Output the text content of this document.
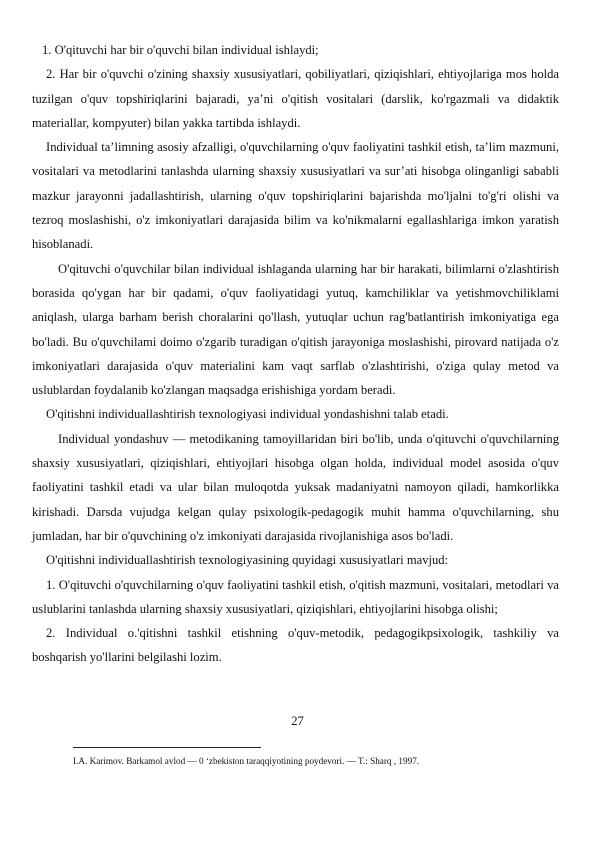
1. O'qituvchi har bir o'quvchi bilan individual ishlaydi;

2. Har bir o'quvchi o'zining shaxsiy xususiyatlari, qobiliyatlari, qiziqishlari, ehtiyojlariga mos holda tuzilgan o'quv topshiriqlarini bajaradi, ya’ni o'qitish vositalari (darslik, ko'rgazmali va didaktik materiallar, kompyuter) bilan yakka tartibda ishlaydi.

Individual ta’limning asosiy afzalligi, o'quvchilarning o'quv faoliyatini tashkil etish, ta’lim mazmuni, vositalari va metodlarini tanlashda ularning shaxsiy xususiyatlari va sur’ati hisobga olinganligi sababli mazkur jarayonni jadallashtirish, ularning o'quv topshiriqlarini bajarishda mo'ljalni to'g'ri olishi va tezroq moslashishi, o'z imkoniyatlari darajasida bilim va ko'nikmalarni egallashlariga imkon yaratish hisoblanadi.

O'qituvchi o'quvchilar bilan individual ishlaganda ularning har bir harakati, bilimlarni o'zlashtirish borasida qo'ygan har bir qadami, o'quv faoliyatidagi yutuq, kamchiliklar va yetishmovchiliklami aniqlash, ularga barham berish choralarini qo'llash, yutuqlar uchun rag'batlantirish imkoniyatiga ega bo'ladi. Bu o'quvchilami doimo o'zgarib turadigan o'qitish jarayoniga moslashishi, pirovard natijada o'z imkoniyatlari darajasida o'quv materialini kam vaqt sarflab o'zlashtirishi, o'ziga qulay metod va uslublardan foydalanib ko'zlangan maqsadga erishishiga yordam beradi.

O'qitishni individuallashtirish texnologiyasi individual yondashishni talab etadi.

Individual yondashuv — metodikaning tamoyillaridan biri bo'lib, unda o'qituvchi o'quvchilarning shaxsiy xususiyatlari, qiziqishlari, ehtiyojlari hisobga olgan holda, individual model asosida o'quv faoliyatini tashkil etadi va ular bilan muloqotda yuksak madaniyatni namoyon qiladi, hamkorlikka kirishadi. Darsda vujudga kelgan qulay psixologik-pedagogik muhit hamma o'quvchilarning, shu jumladan, har bir o'quvchining o'z imkoniyati darajasida rivojlanishiga asos bo'ladi.

O'qitishni individuallashtirish texnologiyasining quyidagi xususiyatlari mavjud:

1. O'qituvchi o'quvchilarning o'quv faoliyatini tashkil etish, o'qitish mazmuni, vositalari, metodlari va uslublarini tanlashda ularning shaxsiy xususiyatlari, qiziqishlari, ehtiyojlarini hisobga olishi;

2. Individual o.'qitishni tashkil etishning o'quv-metodik, pedagogikpsixologik, tashkiliy va boshqarish yo'llarini belgilashi lozim.

27
I.A. Karimov. Barkamol avlod — 0 ‘zbekiston taraqqiyotining poydevori. — T.: Sharq , 1997.
